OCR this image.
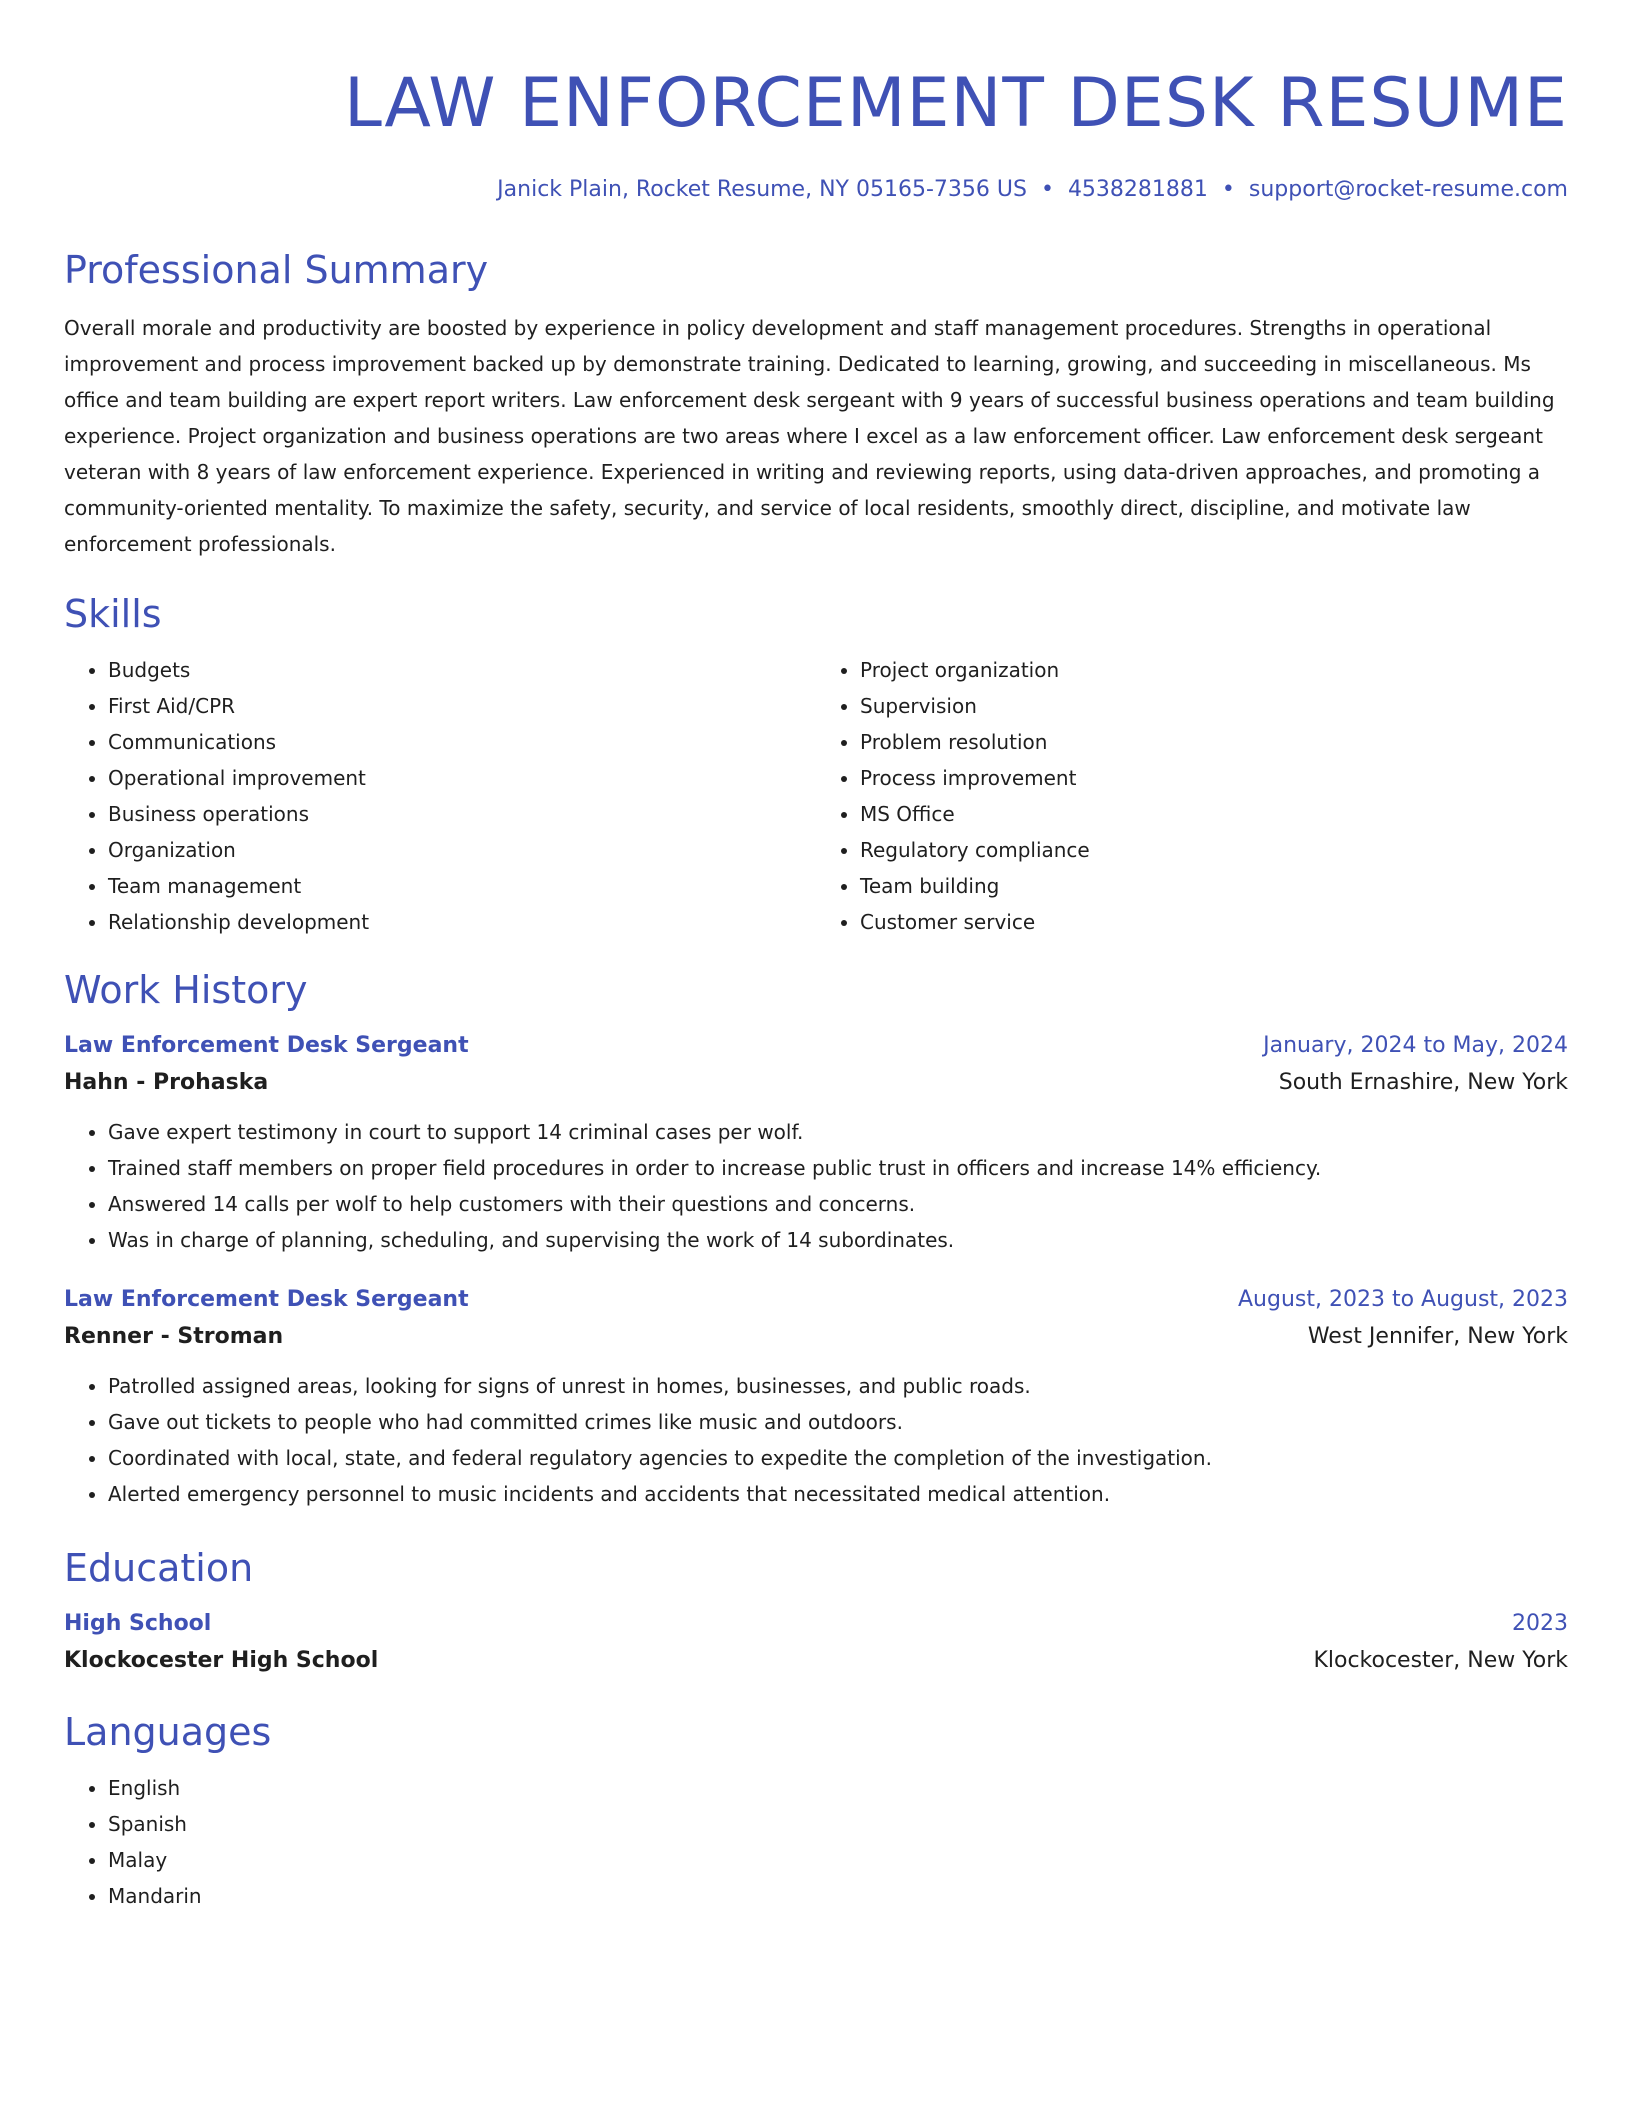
LAW ENFORCEMENT DESK RESUME
Janick Plain, Rocket Resume, NY 05165-7356 US • 4538281881 • support@rocket-resume.com
Professional Summary

Overall morale and productivity are boosted by experience in policy development and staff management procedures. Strengths in operational improvement and process improvement backed up by demonstrate training. Dedicated to learning, growing, and succeeding in miscellaneous. Ms office and team building are expert report writers. Law enforcement desk sergeant with 9 years of successful business operations and team building experience. Project organization and business operations are two areas where I excel as a law enforcement officer. Law enforcement desk sergeant veteran with 8 years of law enforcement experience. Experienced in writing and reviewing reports, using data-driven approaches, and promoting a community-oriented mentality. To maximize the safety, security, and service of local residents, smoothly direct, discipline, and motivate law enforcement professionals.

Skills
• Budgets
• First Aid/CPR
• Communications
• Operational improvement
• Business operations
• Organization
• Team management
• Relationship development
• Project organization
• Supervision
• Problem resolution
• Process improvement
• MS Office
• Regulatory compliance
• Team building
• Customer service
Work History
Law Enforcement Desk Sergeant	January, 2024 to May, 2024
Hahn - Prohaska	South Ernashire, New York
• Gave expert testimony in court to support 14 criminal cases per wolf.
• Trained staff members on proper field procedures in order to increase public trust in officers and increase 14% efficiency.
• Answered 14 calls per wolf to help customers with their questions and concerns.
• Was in charge of planning, scheduling, and supervising the work of 14 subordinates.
Law Enforcement Desk Sergeant	August, 2023 to August, 2023
Renner - Stroman	West Jennifer, New York
• Patrolled assigned areas, looking for signs of unrest in homes, businesses, and public roads.
• Gave out tickets to people who had committed crimes like music and outdoors.
• Coordinated with local, state, and federal regulatory agencies to expedite the completion of the investigation.
• Alerted emergency personnel to music incidents and accidents that necessitated medical attention.
Education
High School	2023
Klockocester High School	Klockocester, New York
Languages
• English
• Spanish
• Malay
• Mandarin
